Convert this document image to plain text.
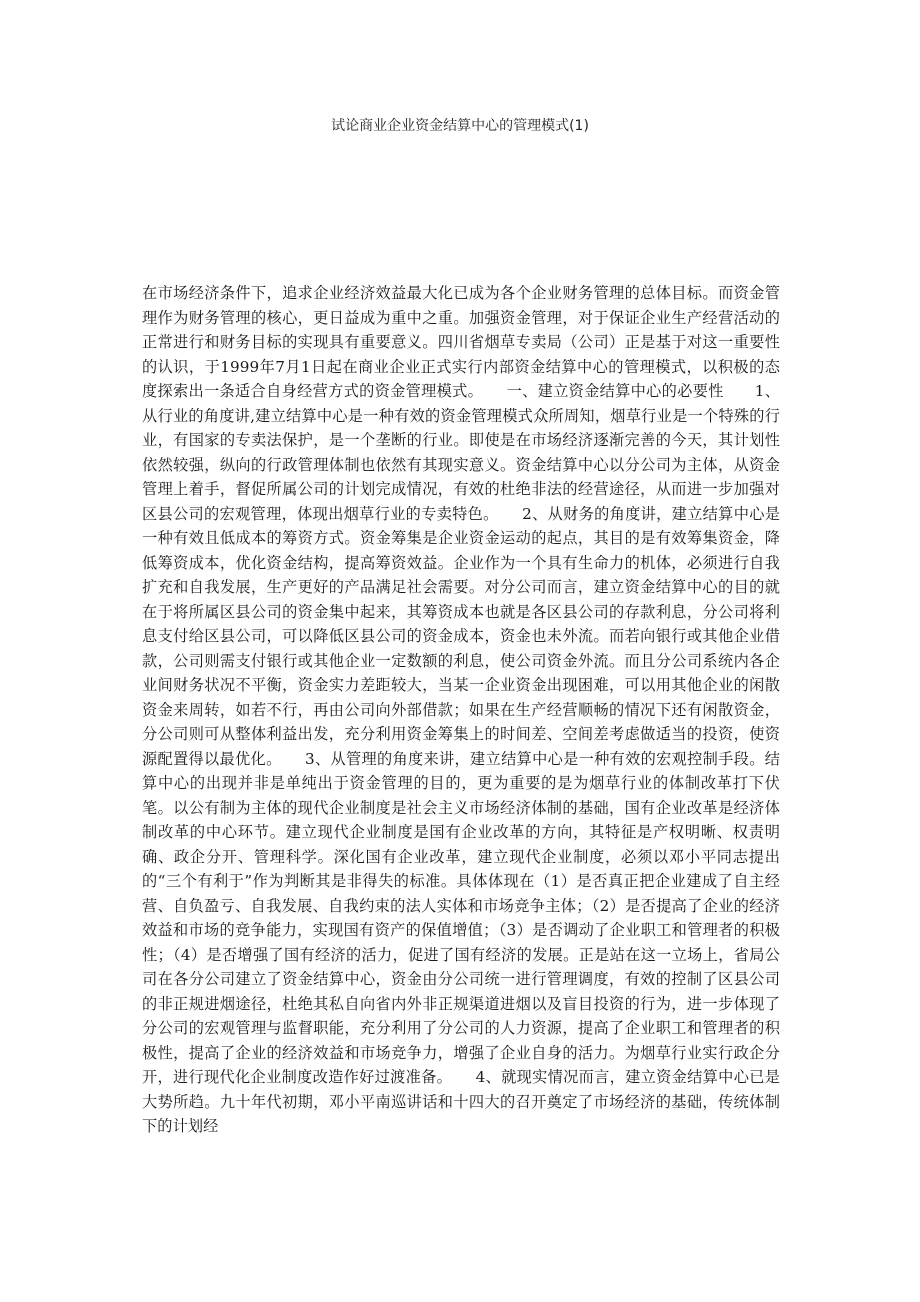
试论商业企业资金结算中心的管理模式(1)

在市场经济条件下，追求企业经济效益最大化已成为各个企业财务管理的总体目标。而资金管理作为财务管理的核心，更日益成为重中之重。加强资金管理，对于保证企业生产经营活动的正常进行和财务目标的实现具有重要意义。四川省烟草专卖局（公司）正是基于对这一重要性的认识，于1999年7月1日起在商业企业正式实行内部资金结算中心的管理模式，以积极的态度探索出一条适合自身经营方式的资金管理模式。　　一、建立资金结算中心的必要性　　1、从行业的角度讲,建立结算中心是一种有效的资金管理模式众所周知，烟草行业是一个特殊的行业，有国家的专卖法保护，是一个垄断的行业。即使是在市场经济逐渐完善的今天，其计划性依然较强，纵向的行政管理体制也依然有其现实意义。资金结算中心以分公司为主体，从资金管理上着手，督促所属公司的计划完成情况，有效的杜绝非法的经营途径，从而进一步加强对区县公司的宏观管理，体现出烟草行业的专卖特色。　　2、从财务的角度讲，建立结算中心是一种有效且低成本的筹资方式。资金筹集是企业资金运动的起点，其目的是有效筹集资金，降低筹资成本，优化资金结构，提高筹资效益。企业作为一个具有生命力的机体，必须进行自我扩充和自我发展，生产更好的产品满足社会需要。对分公司而言，建立资金结算中心的目的就在于将所属区县公司的资金集中起来，其筹资成本也就是各区县公司的存款利息，分公司将利息支付给区县公司，可以降低区县公司的资金成本，资金也未外流。而若向银行或其他企业借款，公司则需支付银行或其他企业一定数额的利息，使公司资金外流。而且分公司系统内各企业间财务状况不平衡，资金实力差距较大，当某一企业资金出现困难，可以用其他企业的闲散资金来周转，如若不行，再由公司向外部借款；如果在生产经营顺畅的情况下还有闲散资金，分公司则可从整体利益出发，充分利用资金筹集上的时间差、空间差考虑做适当的投资，使资源配置得以最优化。　　3、从管理的角度来讲，建立结算中心是一种有效的宏观控制手段。结算中心的出现并非是单纯出于资金管理的目的，更为重要的是为烟草行业的体制改革打下伏笔。以公有制为主体的现代企业制度是社会主义市场经济体制的基础，国有企业改革是经济体制改革的中心环节。建立现代企业制度是国有企业改革的方向，其特征是产权明晰、权责明确、政企分开、管理科学。深化国有企业改革，建立现代企业制度，必须以邓小平同志提出的“三个有利于”作为判断其是非得失的标准。具体体现在（1）是否真正把企业建成了自主经营、自负盈亏、自我发展、自我约束的法人实体和市场竞争主体；（2）是否提高了企业的经济效益和市场的竞争能力，实现国有资产的保值增值；（3）是否调动了企业职工和管理者的积极性；（4）是否增强了国有经济的活力，促进了国有经济的发展。正是站在这一立场上，省局公司在各分公司建立了资金结算中心，资金由分公司统一进行管理调度，有效的控制了区县公司的非正规进烟途径，杜绝其私自向省内外非正规渠道进烟以及盲目投资的行为，进一步体现了分公司的宏观管理与监督职能，充分利用了分公司的人力资源，提高了企业职工和管理者的积极性，提高了企业的经济效益和市场竞争力，增强了企业自身的活力。为烟草行业实行政企分开，进行现代化企业制度改造作好过渡准备。　　4、就现实情况而言，建立资金结算中心已是大势所趋。九十年代初期，邓小平南巡讲话和十四大的召开奠定了市场经济的基础，传统体制下的计划经
